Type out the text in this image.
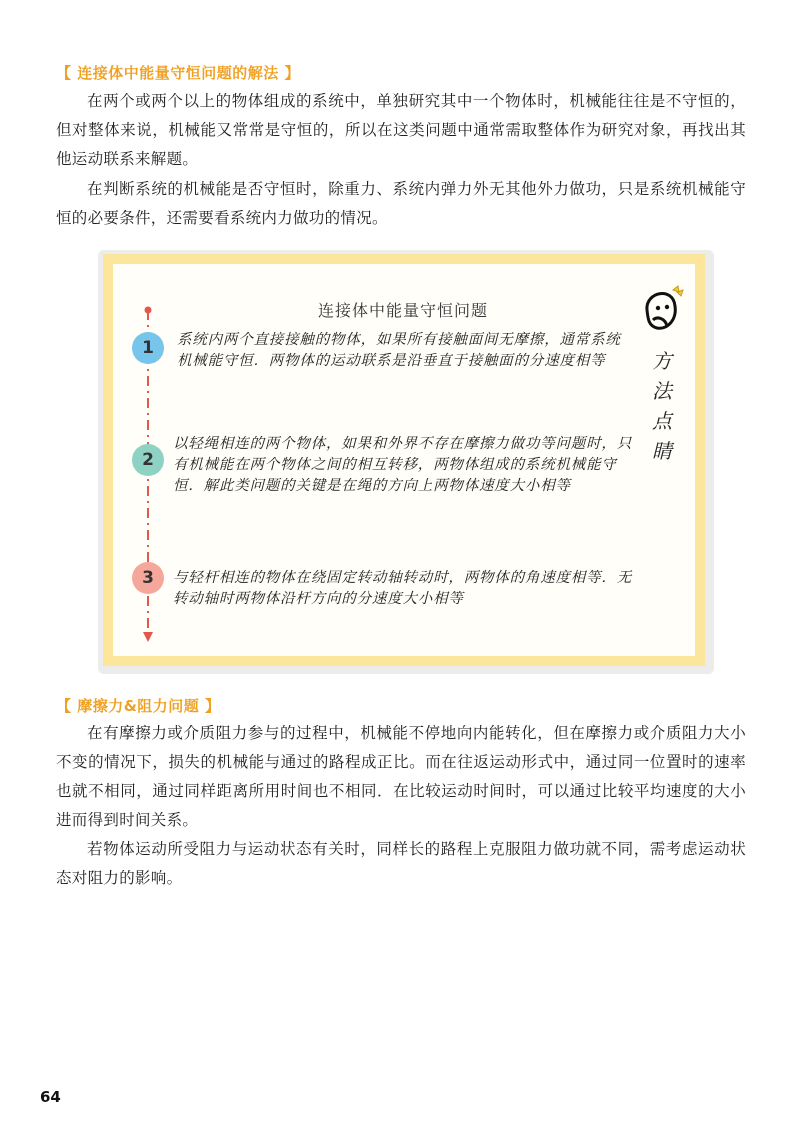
【 连接体中能量守恒问题的解法 】
在两个或两个以上的物体组成的系统中，单独研究其中一个物体时，机械能往往是不守恒的，但对整体来说，机械能又常常是守恒的，所以在这类问题中通常需取整体作为研究对象，再找出其他运动联系来解题。
在判断系统的机械能是否守恒时，除重力、系统内弹力外无其他外力做功，只是系统机械能守恒的必要条件，还需要看系统内力做功的情况。
连接体中能量守恒问题
1	系统内两个直接接触的物体，如果所有接触面间无摩擦，通常系统机械能守恒．两物体的运动联系是沿垂直于接触面的分速度相等
2
以轻绳相连的两个物体，如果和外界不存在摩擦力做功等问题时，只有机械能在两个物体之间的相互转移，两物体组成的系统机械能守恒．解此类问题的关键是在绳的方向上两物体速度大小相等
3	与轻杆相连的物体在绕固定转动轴转动时，两物体的角速度相等．无转动轴时两物体沿杆方向的分速度大小相等
方法点睛
【 摩擦力&阻力问题 】
在有摩擦力或介质阻力参与的过程中，机械能不停地向内能转化，但在摩擦力或介质阻力大小不变的情况下，损失的机械能与通过的路程成正比。而在往返运动形式中，通过同一位置时的速率也就不相同，通过同样距离所用时间也不相同．在比较运动时间时，可以通过比较平均速度的大小进而得到时间关系。
若物体运动所受阻力与运动状态有关时，同样长的路程上克服阻力做功就不同，需考虑运动状态对阻力的影响。
64
